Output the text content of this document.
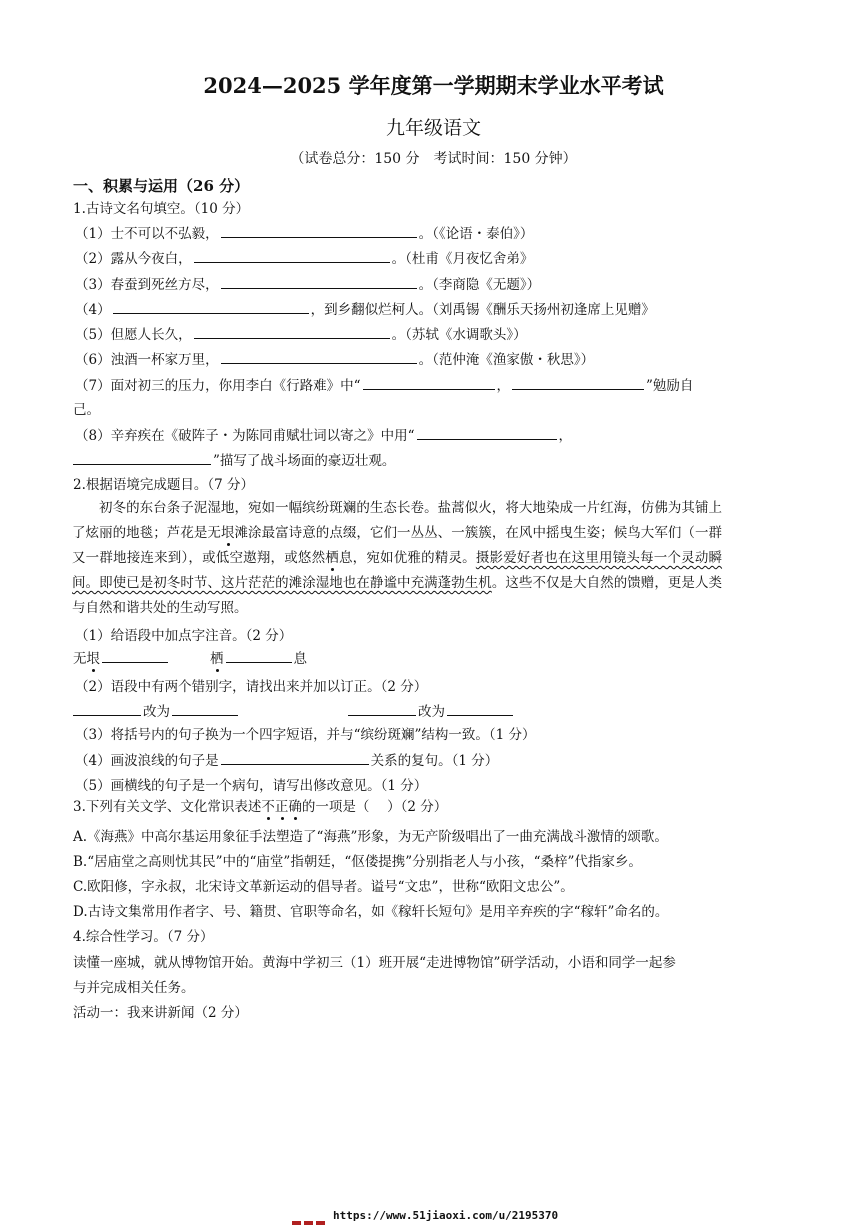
2024—2025 学年度第一学期期末学业水平考试
九年级语文
（试卷总分：150 分　考试时间：150 分钟）
一、积累与运用（26 分）
1.古诗文名句填空。（10 分）
（1）士不可以不弘毅，	。（《论语・泰伯》）
（2）露从今夜白，	。（杜甫《月夜忆舍弟》
（3）春蚕到死丝方尽，	。（李商隐《无题》）
（4）	，到乡翻似烂柯人。（刘禹锡《酬乐天扬州初逢席上见赠》
（5）但愿人长久，	。（苏轼《水调歌头》）
（6）浊酒一杯家万里，	。（范仲淹《渔家傲・秋思》）
（7）面对初三的压力，你用李白《行路难》中“	，	”勉励自
己。
（8）辛弃疾在《破阵子・为陈同甫赋壮词以寄之》中用“	，
”描写了战斗场面的豪迈壮观。
2.根据语境完成题目。（7 分）
初冬的东台条子泥湿地，宛如一幅缤纷斑斓的生态长卷。盐蒿似火，将大地染成一片红海，仿佛为其铺上了炫丽的地毯；芦花是无垠滩涂最富诗意的点缀，它们一丛丛、一簇簇，在风中摇曳生姿；候鸟大军们（一群又一群地接连来到），或低空遨翔，或悠然栖息，宛如优雅的精灵。摄影爱好者也在这里用镜头每一个灵动瞬间。即使已是初冬时节、这片茫茫的滩涂湿地也在静谧中充满蓬勃生机。这些不仅是大自然的馈赠，更是人类与自然和谐共处的生动写照。
（1）给语段中加点字注音。（2 分）
无垠	栖	息
（2）语段中有两个错别字，请找出来并加以订正。（2 分）
改为	改为
（3）将括号内的句子换为一个四字短语，并与“缤纷斑斓”结构一致。（1 分）
（4）画波浪线的句子是	关系的复句。（1 分）
（5）画横线的句子是一个病句，请写出修改意见。（1 分）
3.下列有关文学、文化常识表述不正确的一项是（　 ）（2 分）
A.《海燕》中高尔基运用象征手法塑造了“海燕”形象，为无产阶级唱出了一曲充满战斗激情的颂歌。
B.“居庙堂之高则忧其民”中的“庙堂”指朝廷，“伛偻提携”分别指老人与小孩，“桑梓”代指家乡。
C.欧阳修，字永叔，北宋诗文革新运动的倡导者。谥号“文忠”，世称“欧阳文忠公”。
D.古诗文集常用作者字、号、籍贯、官职等命名，如《稼轩长短句》是用辛弃疾的字“稼轩”命名的。
4.综合性学习。（7 分）
读懂一座城，就从博物馆开始。黄海中学初三（1）班开展“走进博物馆”研学活动，小语和同学一起参
与并完成相关任务。
活动一：我来讲新闻（2 分）
https://www.51jiaoxi.com/u/2195370
